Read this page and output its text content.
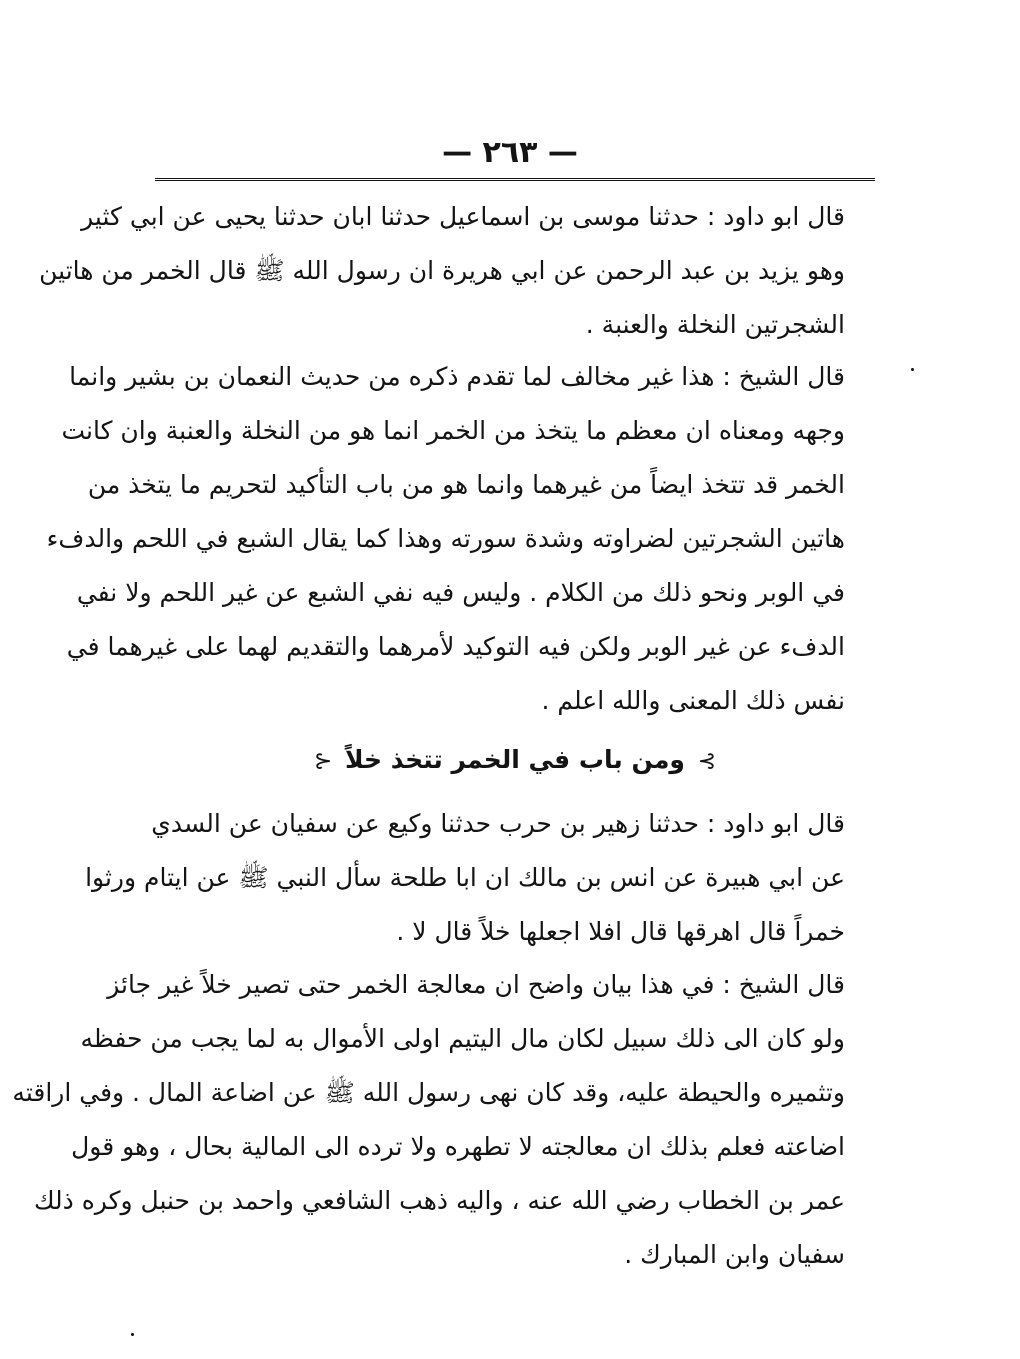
— ٢٦٣ —
قال ابو داود : حدثنا موسى بن اسماعيل حدثنا ابان حدثنا يحيى عن ابي كثير
وهو يزيد بن عبد الرحمن عن ابي هريرة ان رسول الله ﷺ قال الخمر من هاتين
الشجرتين النخلة والعنبة .
قال الشيخ : هذا غير مخالف لما تقدم ذكره من حديث النعمان بن بشير وانما
وجهه ومعناه ان معظم ما يتخذ من الخمر انما هو من النخلة والعنبة وان كانت
الخمر قد تتخذ ايضاً من غيرهما وانما هو من باب التأكيد لتحريم ما يتخذ من
هاتين الشجرتين لضراوته وشدة سورته وهذا كما يقال الشبع في اللحم والدفء
في الوبر ونحو ذلك من الكلام . وليس فيه نفي الشبع عن غير اللحم ولا نفي
الدفء عن غير الوبر ولكن فيه التوكيد لأمرهما والتقديم لهما على غيرهما في
نفس ذلك المعنى والله اعلم .
⊱ ومن باب في الخمر تتخذ خلاً ⊰
قال ابو داود : حدثنا زهير بن حرب حدثنا وكيع عن سفيان عن السدي
عن ابي هبيرة عن انس بن مالك ان ابا طلحة سأل النبي ﷺ عن ايتام ورثوا
خمراً قال اهرقها قال افلا اجعلها خلاً قال لا .
قال الشيخ : في هذا بيان واضح ان معالجة الخمر حتى تصير خلاً غير جائز
ولو كان الى ذلك سبيل لكان مال اليتيم اولى الأموال به لما يجب من حفظه
وتثميره والحيطة عليه، وقد كان نهى رسول الله ﷺ عن اضاعة المال . وفي اراقته
اضاعته فعلم بذلك ان معالجته لا تطهره ولا ترده الى المالية بحال ، وهو قول
عمر بن الخطاب رضي الله عنه ، واليه ذهب الشافعي واحمد بن حنبل وكره ذلك
سفيان وابن المبارك .
